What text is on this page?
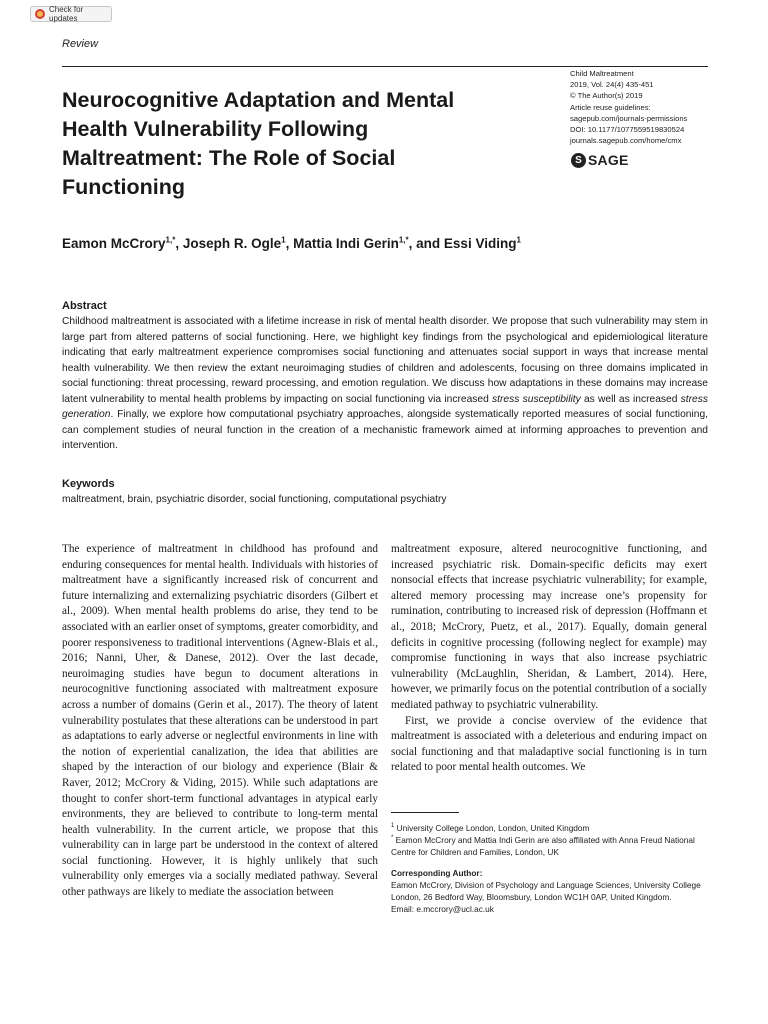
Check for updates
Review
Neurocognitive Adaptation and Mental Health Vulnerability Following Maltreatment: The Role of Social Functioning
Child Maltreatment
2019, Vol. 24(4) 435-451
© The Author(s) 2019
Article reuse guidelines:
sagepub.com/journals-permissions
DOI: 10.1177/1077559519830524
journals.sagepub.com/home/cmx
S SAGE
Eamon McCrory$^{1,*}$, Joseph R. Ogle$^1$, Mattia Indi Gerin$^{1,*}$, and Essi Viding$^1$
Abstract

Childhood maltreatment is associated with a lifetime increase in risk of mental health disorder. We propose that such vulnerability may stem in large part from altered patterns of social functioning. Here, we highlight key findings from the psychological and epidemiological literature indicating that early maltreatment experience compromises social functioning and attenuates social support in ways that increase mental health vulnerability. We then review the extant neuroimaging studies of children and adolescents, focusing on three domains implicated in social functioning: threat processing, reward processing, and emotion regulation. We discuss how adaptations in these domains may increase latent vulnerability to mental health problems by impacting on social functioning via increased stress susceptibility as well as increased stress generation. Finally, we explore how computational psychiatry approaches, alongside systematically reported measures of social functioning, can complement studies of neural function in the creation of a mechanistic framework aimed at informing approaches to prevention and intervention.

Keywords
maltreatment, brain, psychiatric disorder, social functioning, computational psychiatry

The experience of maltreatment in childhood has profound and enduring consequences for mental health. Individuals with histories of maltreatment have a significantly increased risk of concurrent and future internalizing and externalizing psychiatric disorders (Gilbert et al., 2009). When mental health problems do arise, they tend to be associated with an earlier onset of symptoms, greater comorbidity, and poorer responsiveness to traditional interventions (Agnew-Blais et al., 2016; Nanni, Uher, & Danese, 2012). Over the last decade, neuroimaging studies have begun to document alterations in neurocognitive functioning associated with maltreatment exposure across a number of domains (Gerin et al., 2017). The theory of latent vulnerability postulates that these alterations can be understood in part as adaptations to early adverse or neglectful environments in line with the notion of experiential canalization, the idea that abilities are shaped by the interaction of our biology and experience (Blair & Raver, 2012; McCrory & Viding, 2015). While such adaptations are thought to confer short-term functional advantages in atypical early environments, they are believed to contribute to long-term mental health vulnerability. In the current article, we propose that this vulnerability can in large part be understood in the context of altered social functioning. However, it is highly unlikely that such vulnerability only emerges via a socially mediated pathway. Several other pathways are likely to mediate the association between

maltreatment exposure, altered neurocognitive functioning, and increased psychiatric risk. Domain-specific deficits may exert nonsocial effects that increase psychiatric vulnerability; for example, altered memory processing may increase one’s propensity for rumination, contributing to increased risk of depression (Hoffmann et al., 2018; McCrory, Puetz, et al., 2017). Equally, domain general deficits in cognitive processing (following neglect for example) may compromise functioning in ways that also increase psychiatric vulnerability (McLaughlin, Sheridan, & Lambert, 2014). Here, however, we primarily focus on the potential contribution of a socially mediated pathway to psychiatric vulnerability.

First, we provide a concise overview of the evidence that maltreatment is associated with a deleterious and enduring impact on social functioning and that maladaptive social functioning is in turn related to poor mental health outcomes. We

$^1$ University College London, London, United Kingdom

* Eamon McCrory and Mattia Indi Gerin are also affiliated with Anna Freud National Centre for Children and Families, London, UK

Corresponding Author:

Eamon McCrory, Division of Psychology and Language Sciences, University College London, 26 Bedford Way, Bloomsbury, London WC1H 0AP, United Kingdom.

Email: e.mccrory@ucl.ac.uk
